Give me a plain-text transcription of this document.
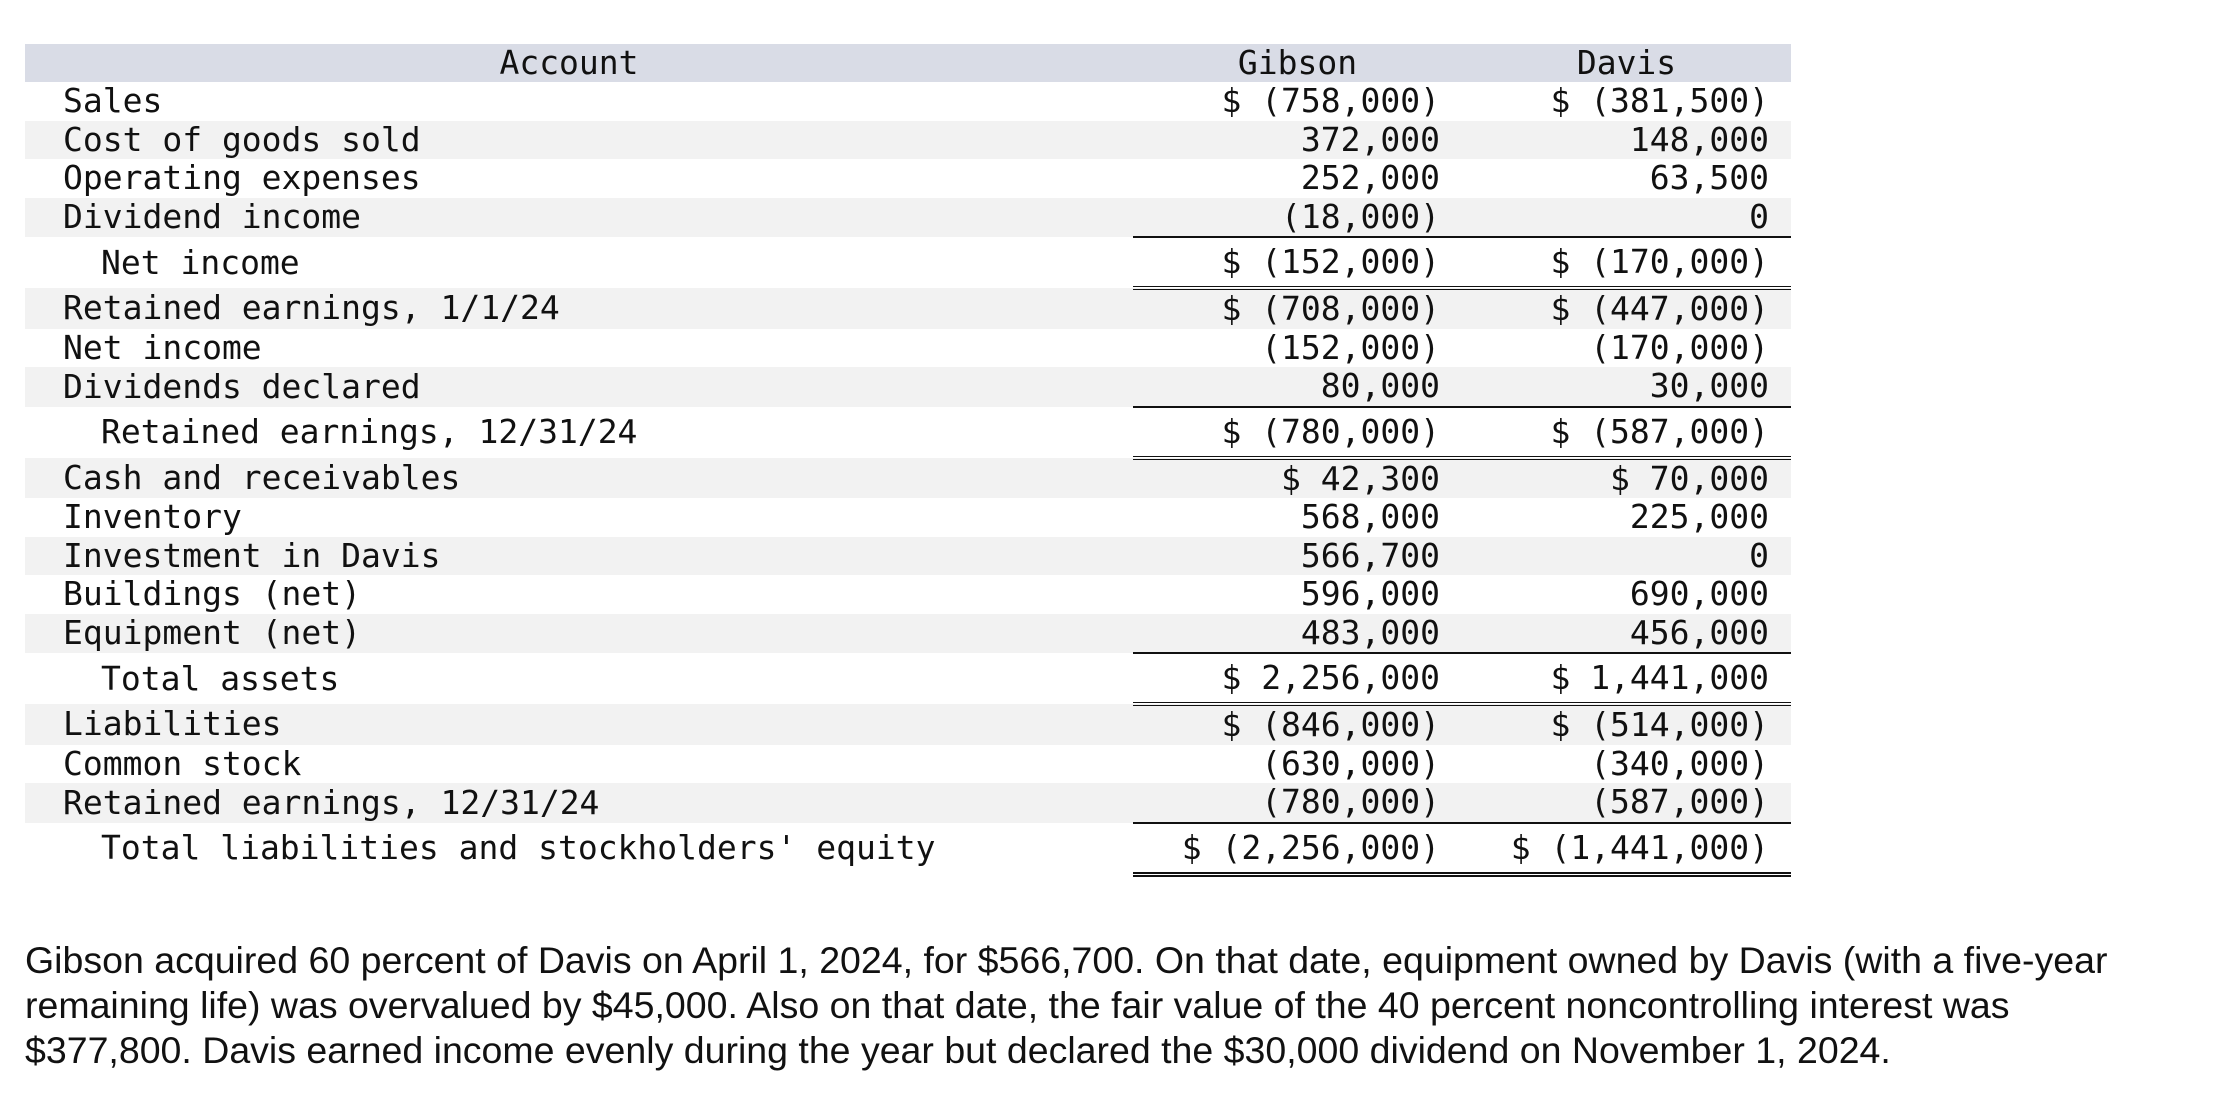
Account		Gibson	Davis
Sales		$ (758,000)	$ (381,500)
Cost of goods sold		372,000	148,000
Operating expenses		252,000	63,500
Dividend income		(18,000)	0
Net income		$ (152,000)	$ (170,000)
Retained earnings, 1/1/24		$ (708,000)	$ (447,000)
Net income		(152,000)	(170,000)
Dividends declared		80,000	30,000
Retained earnings, 12/31/24		$ (780,000)	$ (587,000)
Cash and receivables		$ 42,300	$ 70,000
Inventory		568,000	225,000
Investment in Davis		566,700	0
Buildings (net)		596,000	690,000
Equipment (net)		483,000	456,000
Total assets		$ 2,256,000	$ 1,441,000
Liabilities		$ (846,000)	$ (514,000)
Common stock		(630,000)	(340,000)
Retained earnings, 12/31/24		(780,000)	(587,000)
Total liabilities and stockholders' equity		$ (2,256,000)	$ (1,441,000)

Gibson acquired 60 percent of Davis on April 1, 2024, for $566,700. On that date, equipment owned by Davis (with a five-year remaining life) was overvalued by $45,000. Also on that date, the fair value of the 40 percent noncontrolling interest was $377,800. Davis earned income evenly during the year but declared the $30,000 dividend on November 1, 2024.
